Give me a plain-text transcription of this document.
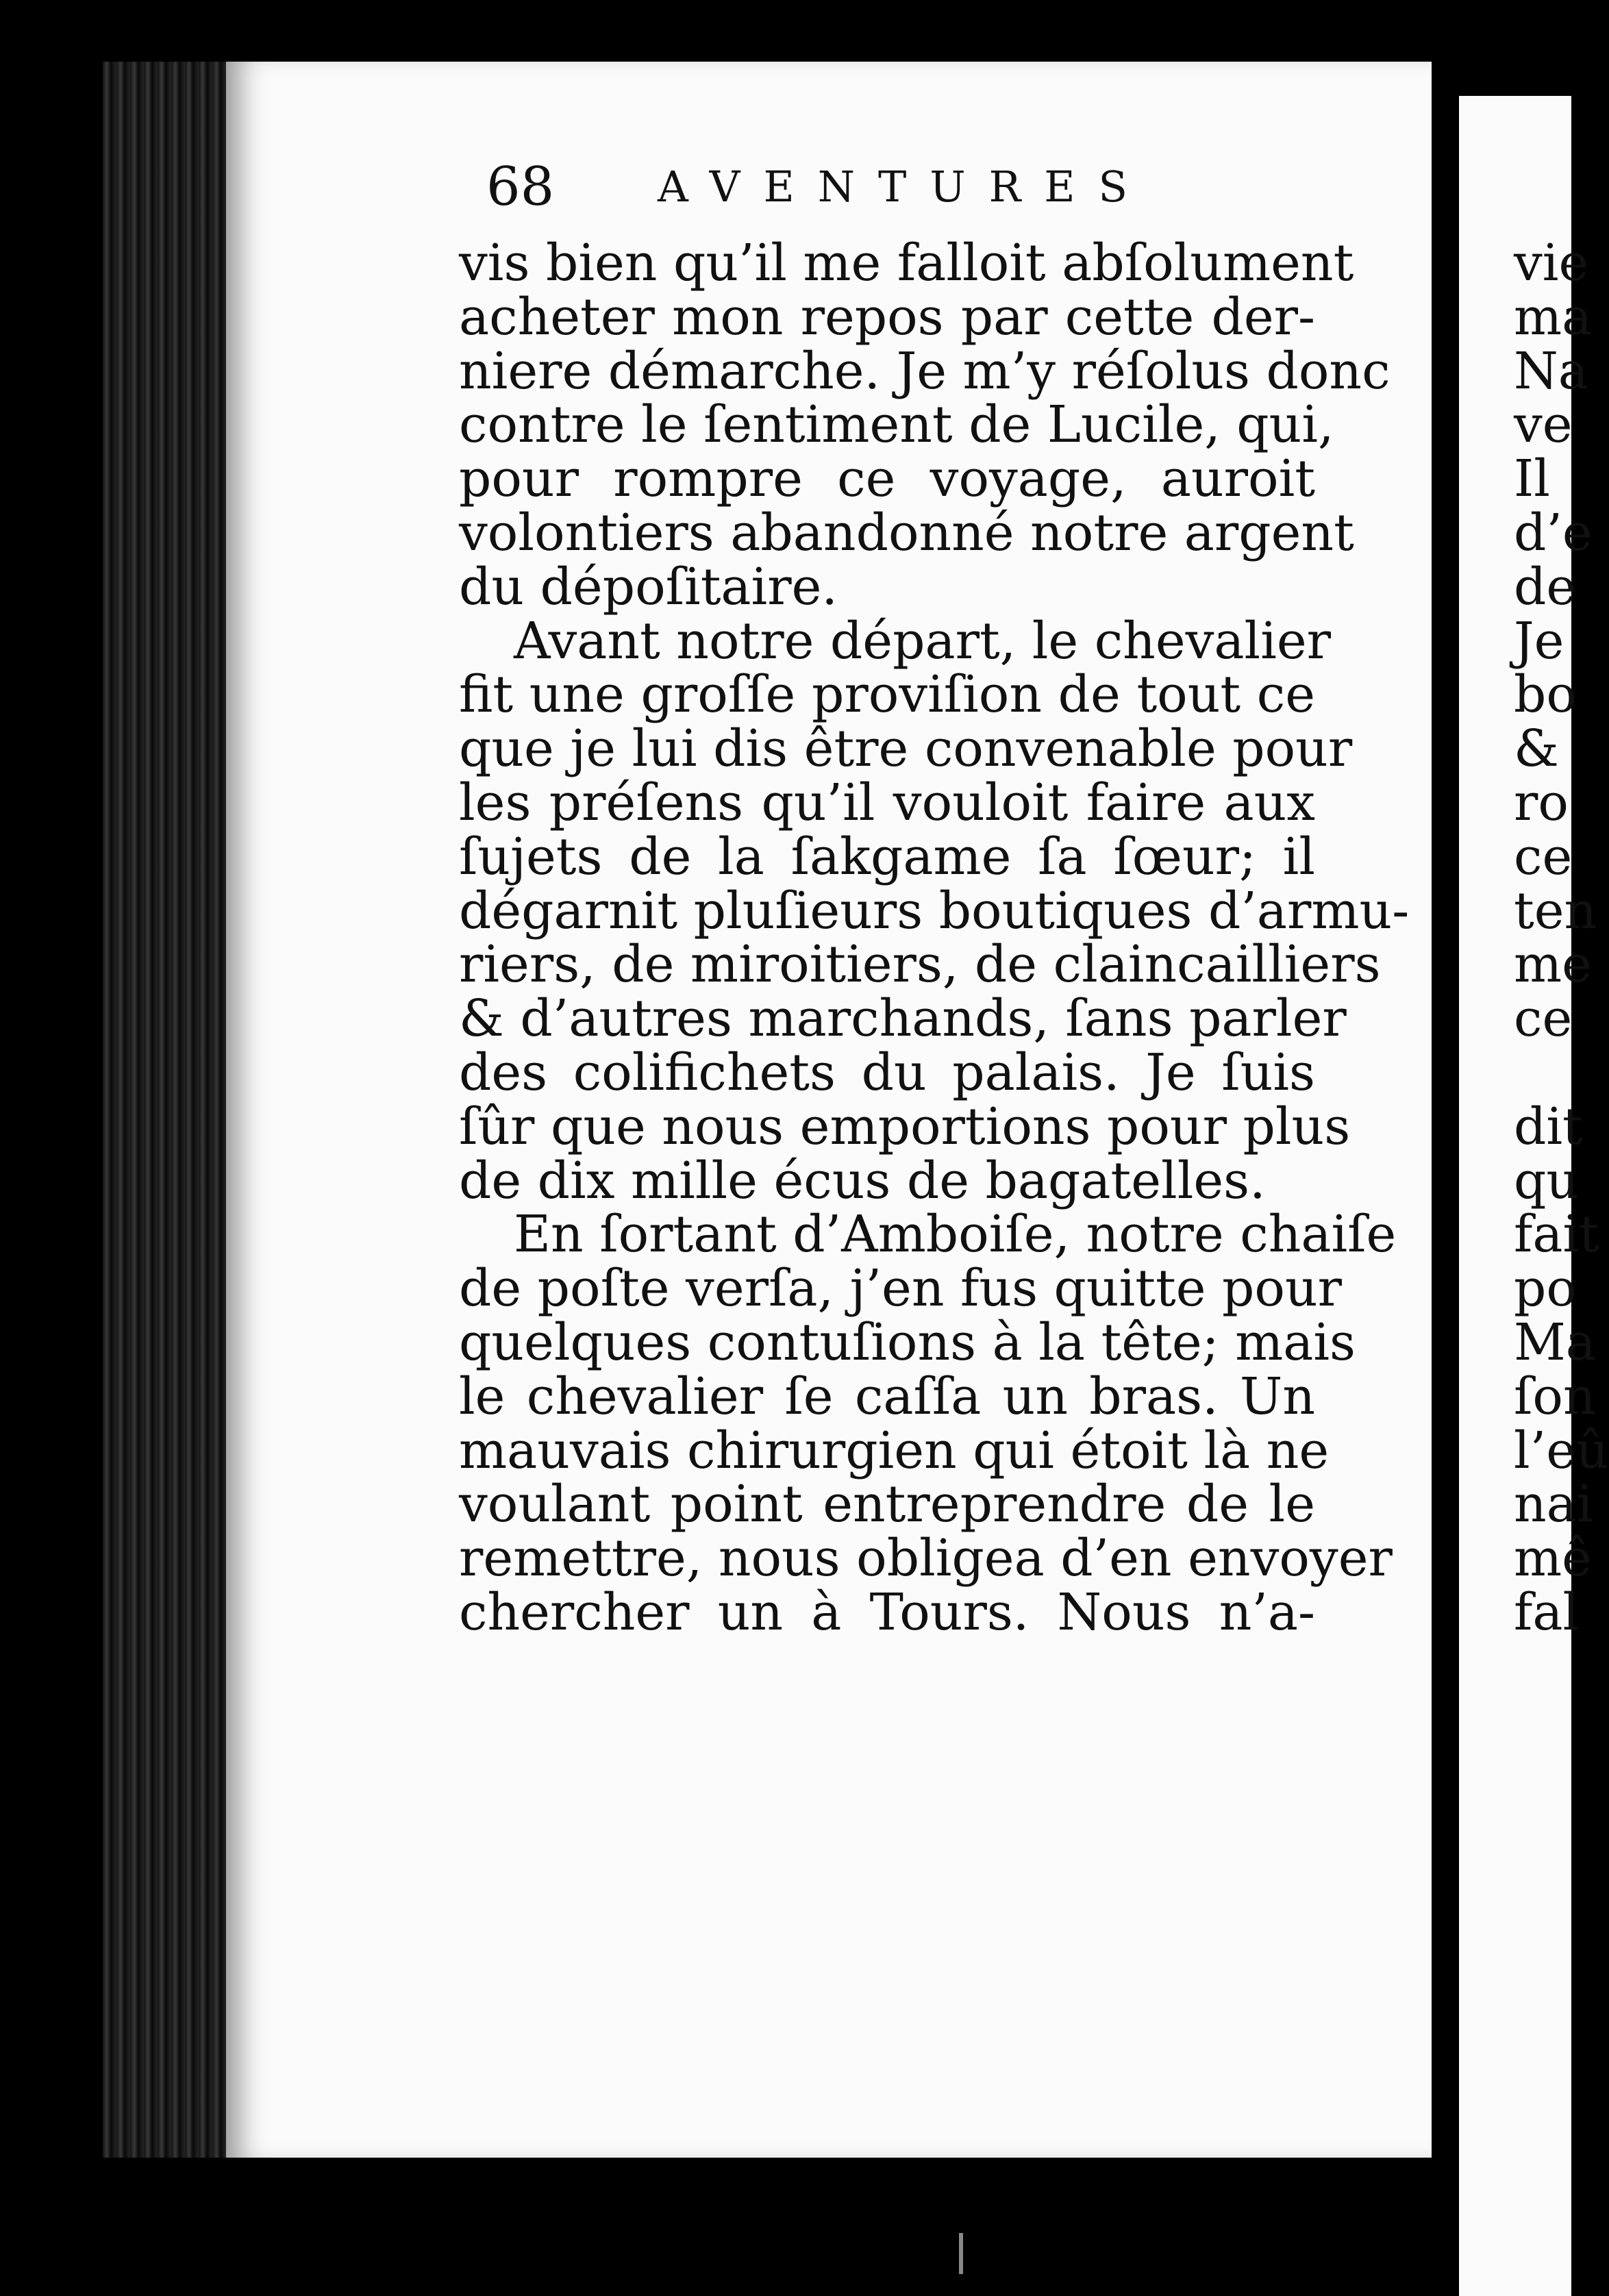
68 AVENTURES
vis bien qu’il me falloit abſolument
acheter mon repos par cette der-
niere démarche. Je m’y réſolus donc
contre le ſentiment de Lucile, qui,
pour rompre ce voyage, auroit
volontiers abandonné notre argent
du dépoſitaire.
Avant notre départ, le chevalier
fit une groſſe proviſion de tout ce
que je lui dis être convenable pour
les préſens qu’il vouloit faire aux
ſujets de la ſakgame ſa ſœur; il
dégarnit pluſieurs boutiques d’armu-
riers, de miroitiers, de claincailliers
& d’autres marchands, ſans parler
des colifichets du palais. Je ſuis
ſûr que nous emportions pour plus
de dix mille écus de bagatelles.
En ſortant d’Amboiſe, notre chaiſe
de poſte verſa, j’en fus quitte pour
quelques contuſions à la tête; mais
le chevalier ſe caſſa un bras. Un
mauvais chirurgien qui étoit là ne
voulant point entreprendre de le
remettre, nous obligea d’en envoyer
chercher un à Tours. Nous n’a-
vie
ma
Na
ve
Il
d’e
de
Je
bo
&
ro
ce
ten
me
ce
dit
qu
fait
po
Ma
ſon
l’eû
nai
mê
fal
